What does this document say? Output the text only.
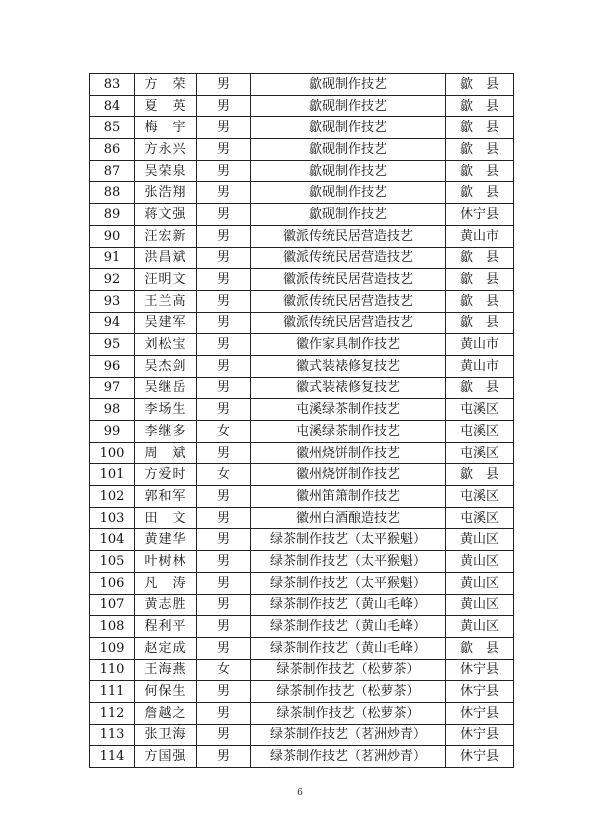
83	方　荣	男	歙砚制作技艺	歙　县
84	夏　英	男	歙砚制作技艺	歙　县
85	梅　宇	男	歙砚制作技艺	歙　县
86	方永兴	男	歙砚制作技艺	歙　县
87	吴荣泉	男	歙砚制作技艺	歙　县
88	张浩翔	男	歙砚制作技艺	歙　县
89	蒋文强	男	歙砚制作技艺	休宁县
90	汪宏新	男	徽派传统民居营造技艺	黄山市
91	洪昌斌	男	徽派传统民居营造技艺	歙　县
92	汪明文	男	徽派传统民居营造技艺	歙　县
93	王兰高	男	徽派传统民居营造技艺	歙　县
94	吴建军	男	徽派传统民居营造技艺	歙　县
95	刘松宝	男	徽作家具制作技艺	黄山市
96	吴杰剑	男	徽式装裱修复技艺	黄山市
97	吴继岳	男	徽式装裱修复技艺	歙　县
98	李场生	男	屯溪绿茶制作技艺	屯溪区
99	李继多	女	屯溪绿茶制作技艺	屯溪区
100	周　斌	男	徽州烧饼制作技艺	屯溪区
101	方爱时	女	徽州烧饼制作技艺	歙　县
102	郭和军	男	徽州笛箫制作技艺	屯溪区
103	田　文	男	徽州白酒酿造技艺	屯溪区
104	黄建华	男	绿茶制作技艺（太平猴魁）	黄山区
105	叶树林	男	绿茶制作技艺（太平猴魁）	黄山区
106	凡　涛	男	绿茶制作技艺（太平猴魁）	黄山区
107	黄志胜	男	绿茶制作技艺（黄山毛峰）	黄山区
108	程利平	男	绿茶制作技艺（黄山毛峰）	黄山区
109	赵定成	男	绿茶制作技艺（黄山毛峰）	歙　县
110	王海燕	女	绿茶制作技艺（松萝茶）	休宁县
111	何保生	男	绿茶制作技艺（松萝茶）	休宁县
112	詹越之	男	绿茶制作技艺（松萝茶）	休宁县
113	张卫海	男	绿茶制作技艺（茗洲炒青）	休宁县
114	方国强	男	绿茶制作技艺（茗洲炒青）	休宁县
6
